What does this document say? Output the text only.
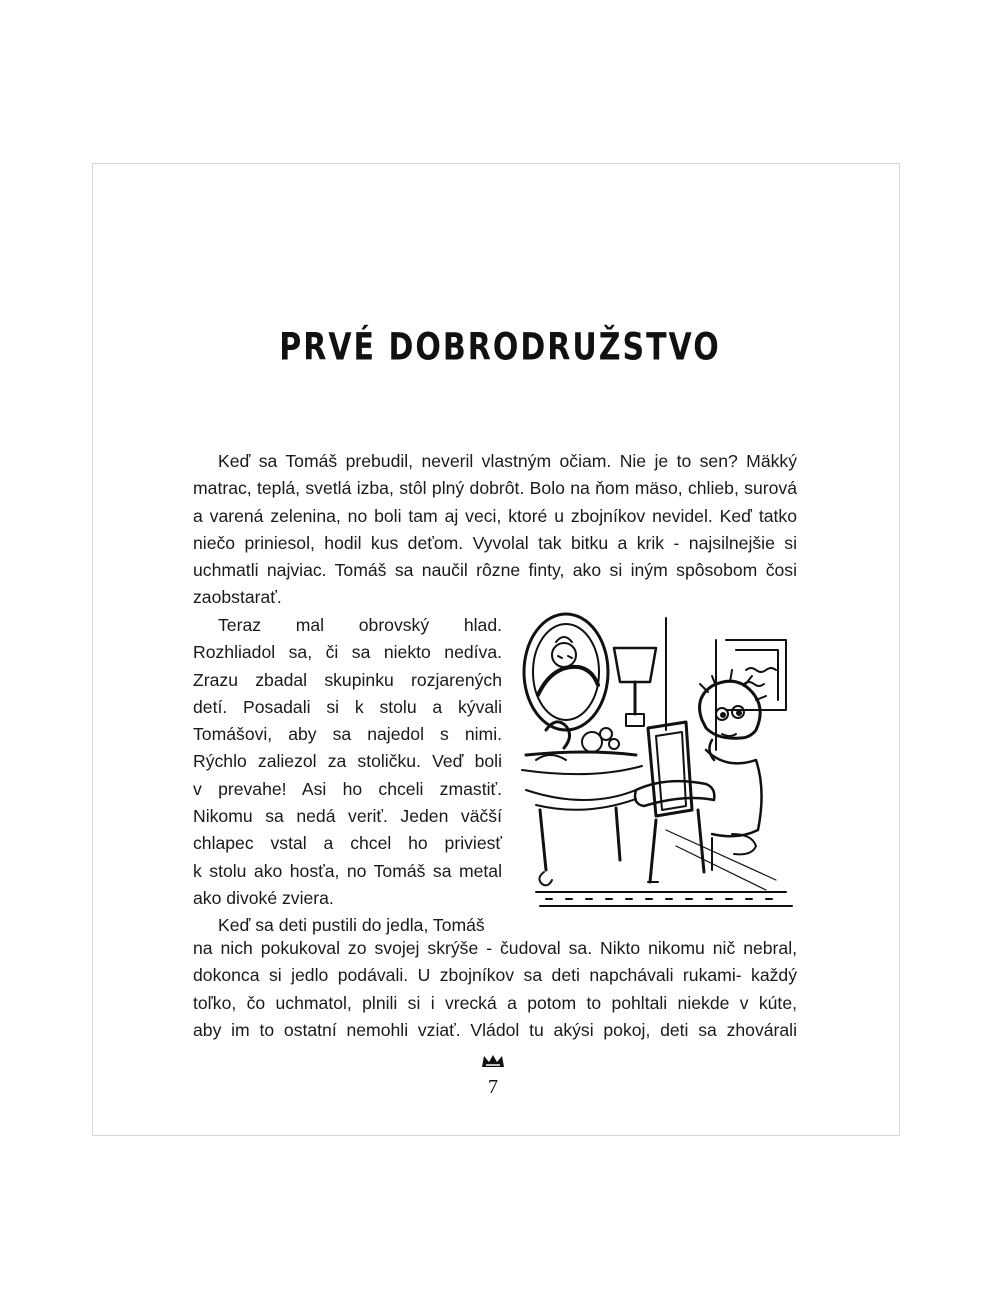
PRVÉ DOBRODRUŽSTVO
Keď sa Tomáš prebudil, neveril vlastným očiam. Nie je to sen? Mäkký
matrac, teplá, svetlá izba, stôl plný dobrôt. Bolo na ňom mäso, chlieb, surová
a varená zelenina, no boli tam aj veci, ktoré u zbojníkov nevidel. Keď tatko
niečo priniesol, hodil kus deťom. Vyvolal tak bitku a krik - najsilnejšie si
uchmatli najviac. Tomáš sa naučil rôzne finty, ako si iným spôsobom čosi
zaobstarať.
Teraz mal obrovský hlad.
Rozhliadol sa, či sa niekto nedíva.
Zrazu zbadal skupinku rozjarených
detí. Posadali si k stolu a kývali
Tomášovi, aby sa najedol s nimi.
Rýchlo zaliezol za stoličku. Veď boli
v prevahe! Asi ho chceli zmastiť.
Nikomu sa nedá veriť. Jeden väčší
chlapec vstal a chcel ho priviesť
k stolu ako hosťa, no Tomáš sa metal
ako divoké zviera.
Keď sa deti pustili do jedla, Tomáš
na nich pokukoval zo svojej skrýše - čudoval sa. Nikto nikomu nič nebral,
dokonca si jedlo podávali. U zbojníkov sa deti napchávali rukami- každý
toľko, čo uchmatol, plnili si i vrecká a potom to pohltali niekde v kúte,
aby im to ostatní nemohli vziať. Vládol tu akýsi pokoj, deti sa zhovárali
7
